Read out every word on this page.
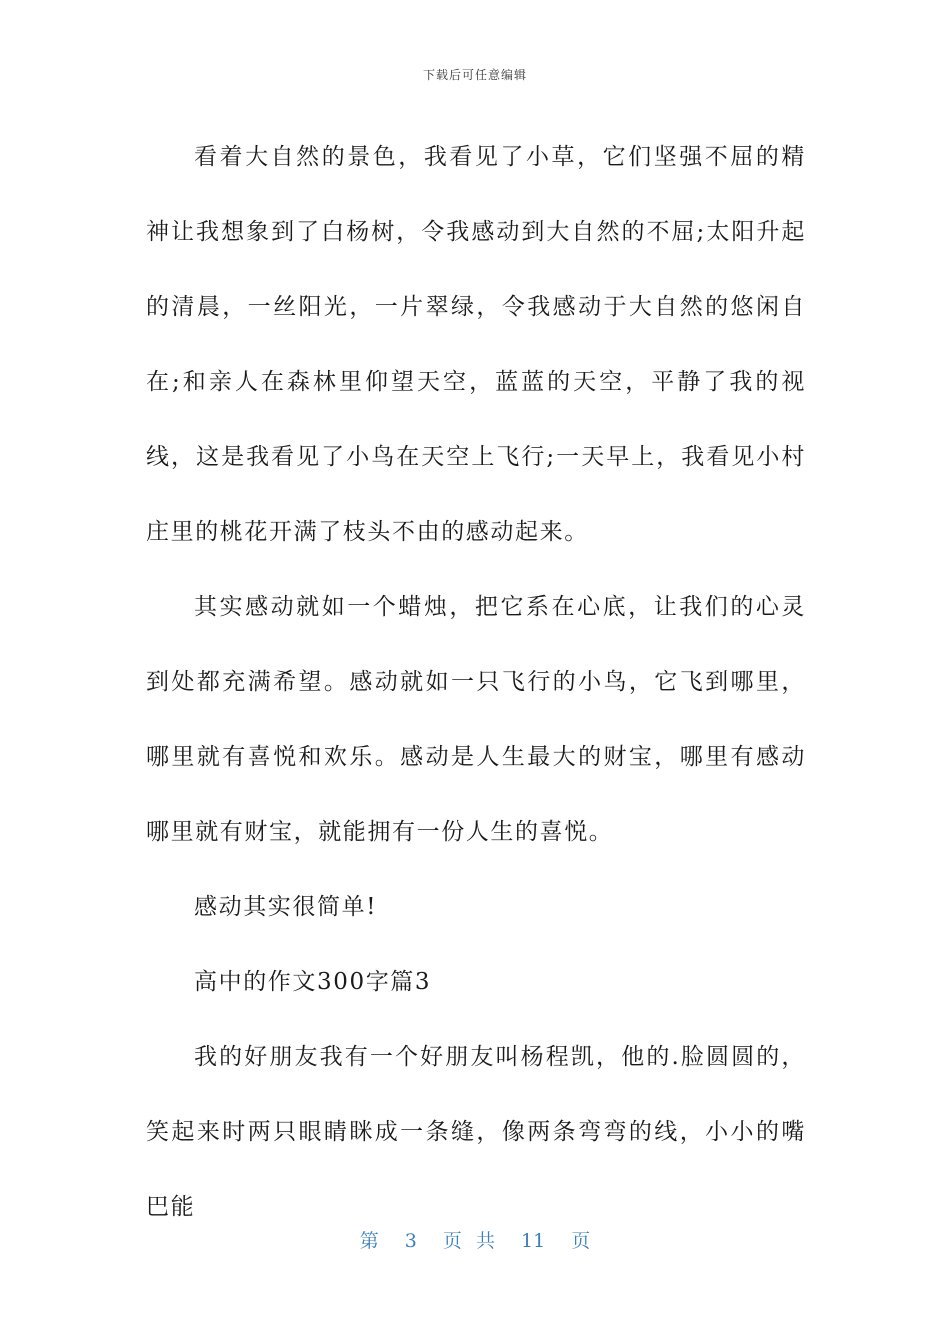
下载后可任意编辑

看着大自然的景色，我看见了小草，它们坚强不屈的精神让我想象到了白杨树，令我感动到大自然的不屈;太阳升起的清晨，一丝阳光，一片翠绿，令我感动于大自然的悠闲自在;和亲人在森林里仰望天空，蓝蓝的天空，平静了我的视线，这是我看见了小鸟在天空上飞行;一天早上，我看见小村庄里的桃花开满了枝头不由的感动起来。

其实感动就如一个蜡烛，把它系在心底，让我们的心灵到处都充满希望。感动就如一只飞行的小鸟，它飞到哪里，哪里就有喜悦和欢乐。感动是人生最大的财宝，哪里有感动哪里就有财宝，就能拥有一份人生的喜悦。

感动其实很简单!

高中的作文300字篇3

我的好朋友我有一个好朋友叫杨程凯，他的.脸圆圆的，笑起来时两只眼睛眯成一条缝，像两条弯弯的线，小小的嘴巴能

第 3 页 共 11 页
